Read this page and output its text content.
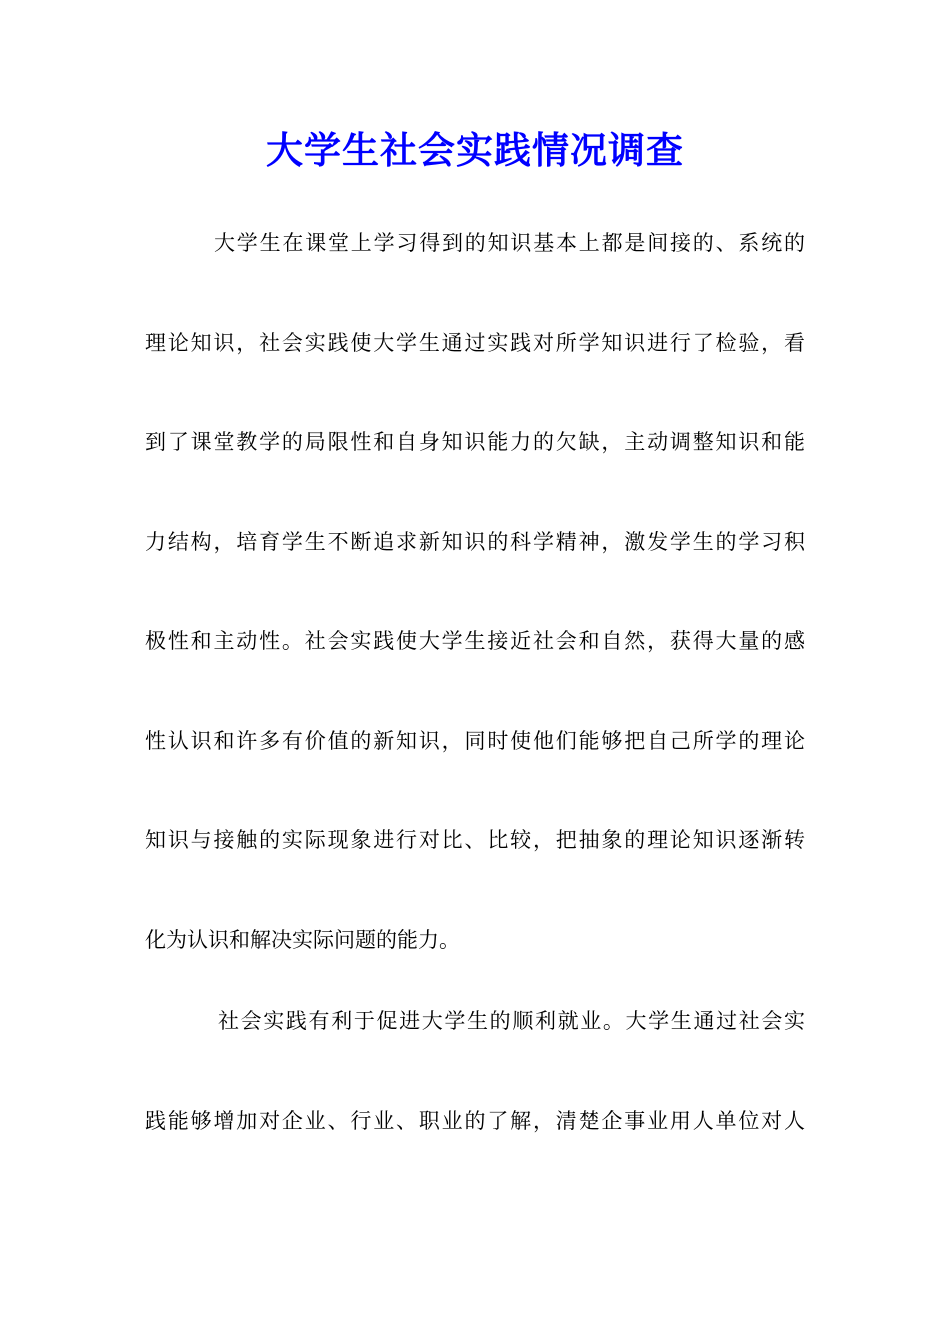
大学生社会实践情况调查
大学生在课堂上学习得到的知识基本上都是间接的、系统的
理论知识，社会实践使大学生通过实践对所学知识进行了检验，看
到了课堂教学的局限性和自身知识能力的欠缺，主动调整知识和能
力结构，培育学生不断追求新知识的科学精神，激发学生的学习积
极性和主动性。社会实践使大学生接近社会和自然，获得大量的感
性认识和许多有价值的新知识，同时使他们能够把自己所学的理论
知识与接触的实际现象进行对比、比较，把抽象的理论知识逐渐转
化为认识和解决实际问题的能力。
社会实践有利于促进大学生的顺利就业。大学生通过社会实
践能够增加对企业、行业、职业的了解，清楚企事业用人单位对人
